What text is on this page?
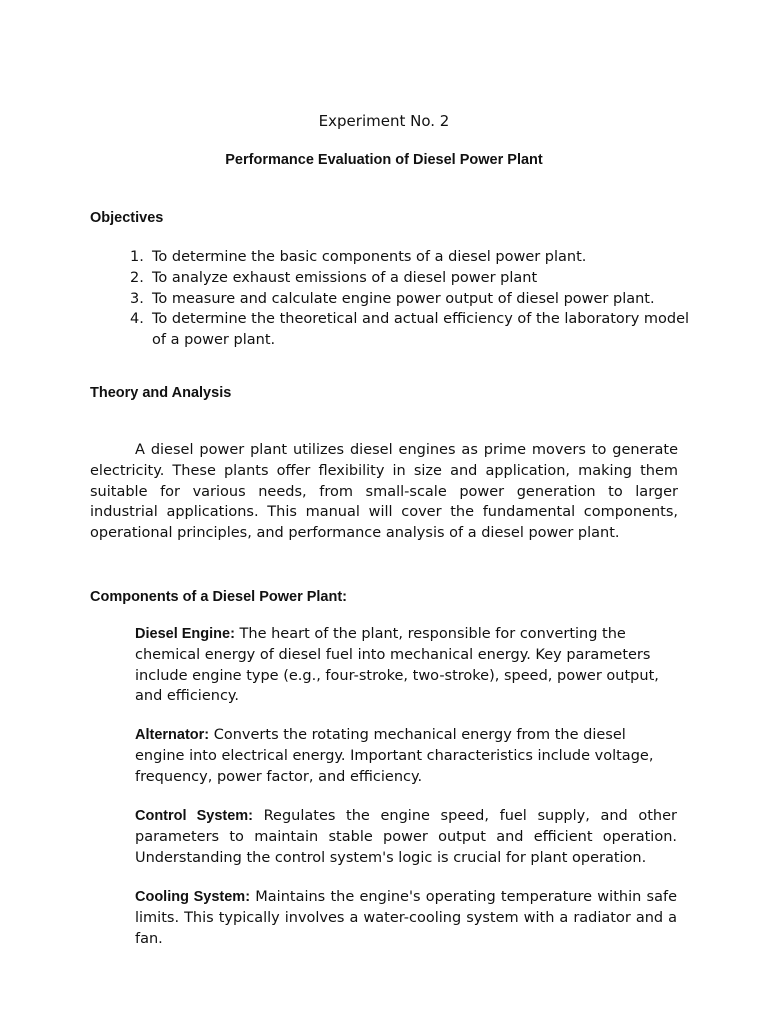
Experiment No. 2
Performance Evaluation of Diesel Power Plant
Objectives
1. To determine the basic components of a diesel power plant.
2. To analyze exhaust emissions of a diesel power plant
3. To measure and calculate engine power output of diesel power plant.
4. To determine the theoretical and actual efficiency of the laboratory model of a power plant.
Theory and Analysis

A diesel power plant utilizes diesel engines as prime movers to generate electricity. These plants offer flexibility in size and application, making them suitable for various needs, from small-scale power generation to larger industrial applications. This manual will cover the fundamental components, operational principles, and performance analysis of a diesel power plant.

Components of a Diesel Power Plant:

Diesel Engine: The heart of the plant, responsible for converting the chemical energy of diesel fuel into mechanical energy. Key parameters include engine type (e.g., four-stroke, two-stroke), speed, power output, and efficiency.

Alternator: Converts the rotating mechanical energy from the diesel engine into electrical energy. Important characteristics include voltage, frequency, power factor, and efficiency.

Control System: Regulates the engine speed, fuel supply, and other parameters to maintain stable power output and efficient operation. Understanding the control system's logic is crucial for plant operation.

Cooling System: Maintains the engine's operating temperature within safe limits. This typically involves a water-cooling system with a radiator and a fan.
